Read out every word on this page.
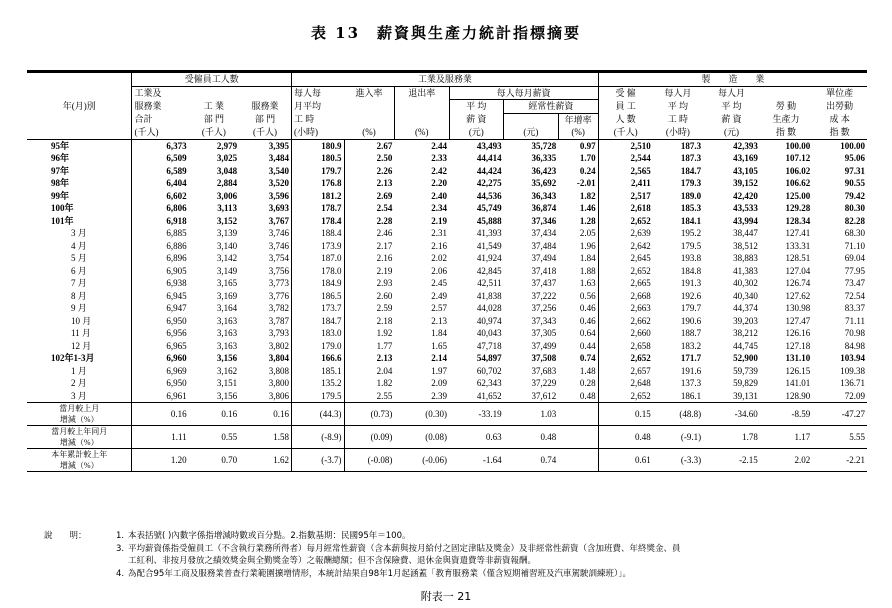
表 13　薪資與生產力統計指標摘要
	受僱員工人數			工業及服務業						製　　造　　業				
	工業及			每人每	進入率	退出率	每人每月薪資			受 僱	每人月	每人月		單位產
年(月)別	服務業	工 業	服務業	月平均			平 均	經常性薪資		員 工	平 均	平 均	勞 動	出勞動
	合計	部 門	部 門	工 時			薪 資		年增率	人 數	工 時	薪 資	生產力	成 本
	(千人)	(千人)	(千人)	(小時)	(%)	(%)	(元)	(元)	(%)	(千人)	(小時)	(元)	指 數	指 數
95年	6,373	2,979	3,395	180.9	2.67	2.44	43,493	35,728	0.97	2,510	187.3	42,393	100.00	100.00
96年	6,509	3,025	3,484	180.5	2.50	2.33	44,414	36,335	1.70	2,544	187.3	43,169	107.12	95.06
97年	6,589	3,048	3,540	179.7	2.26	2.42	44,424	36,423	0.24	2,565	184.7	43,105	106.02	97.31
98年	6,404	2,884	3,520	176.8	2.13	2.20	42,275	35,692	-2.01	2,411	179.3	39,152	106.62	90.55
99年	6,602	3,006	3,596	181.2	2.69	2.40	44,536	36,343	1.82	2,517	189.0	42,420	125.00	79.42
100年	6,806	3,113	3,693	178.7	2.54	2.34	45,749	36,874	1.46	2,618	185.3	43,533	129.28	80.30
101年	6,918	3,152	3,767	178.4	2.28	2.19	45,888	37,346	1.28	2,652	184.1	43,994	128.34	82.28
3 月	6,885	3,139	3,746	188.4	2.46	2.31	41,393	37,434	2.05	2,639	195.2	38,447	127.41	68.30
4 月	6,886	3,140	3,746	173.9	2.17	2.16	41,549	37,484	1.96	2,642	179.5	38,512	133.31	71.10
5 月	6,896	3,142	3,754	187.0	2.16	2.02	41,924	37,494	1.84	2,645	193.8	38,883	128.51	69.04
6 月	6,905	3,149	3,756	178.0	2.19	2.06	42,845	37,418	1.88	2,652	184.8	41,383	127.04	77.95
7 月	6,938	3,165	3,773	184.9	2.93	2.45	42,511	37,437	1.63	2,665	191.3	40,302	126.74	73.47
8 月	6,945	3,169	3,776	186.5	2.60	2.49	41,838	37,222	0.56	2,668	192.6	40,340	127.62	72.54
9 月	6,947	3,164	3,782	173.7	2.59	2.57	44,028	37,256	0.46	2,663	179.7	44,374	130.98	83.37
10 月	6,950	3,163	3,787	184.7	2.18	2.13	40,974	37,343	0.46	2,662	190.6	39,203	127.47	71.11
11 月	6,956	3,163	3,793	183.0	1.92	1.84	40,043	37,305	0.64	2,660	188.7	38,212	126.16	70.98
12 月	6,965	3,163	3,802	179.0	1.77	1.65	47,718	37,499	0.44	2,658	183.2	44,745	127.18	84.98
102年1-3月	6,960	3,156	3,804	166.6	2.13	2.14	54,897	37,508	0.74	2,652	171.7	52,900	131.10	103.94
1 月	6,969	3,162	3,808	185.1	2.04	1.97	60,702	37,683	1.48	2,657	191.6	59,739	126.15	109.38
2 月	6,950	3,151	3,800	135.2	1.82	2.09	62,343	37,229	0.28	2,648	137.3	59,829	141.01	136.71
3 月	6,961	3,156	3,806	179.5	2.55	2.39	41,652	37,612	0.48	2,652	186.1	39,131	128.90	72.09

當月較上月
增減（%）	0.16	0.16	0.16	(44.3)	(0.73)	(0.30)	-33.19	1.03		0.15	(48.8)	-34.60	-8.59	-47.27

當月較上年同月
增減（%）	1.11	0.55	1.58	(-8.9)	(0.09)	(0.08)	0.63	0.48		0.48	(-9.1)	1.78	1.17	5.55

本年累計較上年
增減（%）	1.20	0.70	1.62	(-3.7)	(-0.08)	(-0.06)	-1.64	0.74		0.61	(-3.3)	-2.15	2.02	-2.21
說　　明：	1. 本表括號( )內數字係指增減時數或百分點。2.指數基期：民國95年＝100。
3. 平均薪資係指受僱員工（不含執行業務所得者）每月經常性薪資（含本薪與按月給付之固定津貼及獎金）及非經常性薪資（含加班費、年終獎金、員
工紅利、非按月發放之績效獎金與全勤獎金等）之報酬總額；但不含保險費、退休金與資遣費等非薪資報酬。
4. 為配合95年工商及服務業普查行業範圍擴增情形，本統計結果自98年1月起涵蓋「教育服務業（僅含短期補習班及汽車駕駛訓練班）」。
附表一 21
